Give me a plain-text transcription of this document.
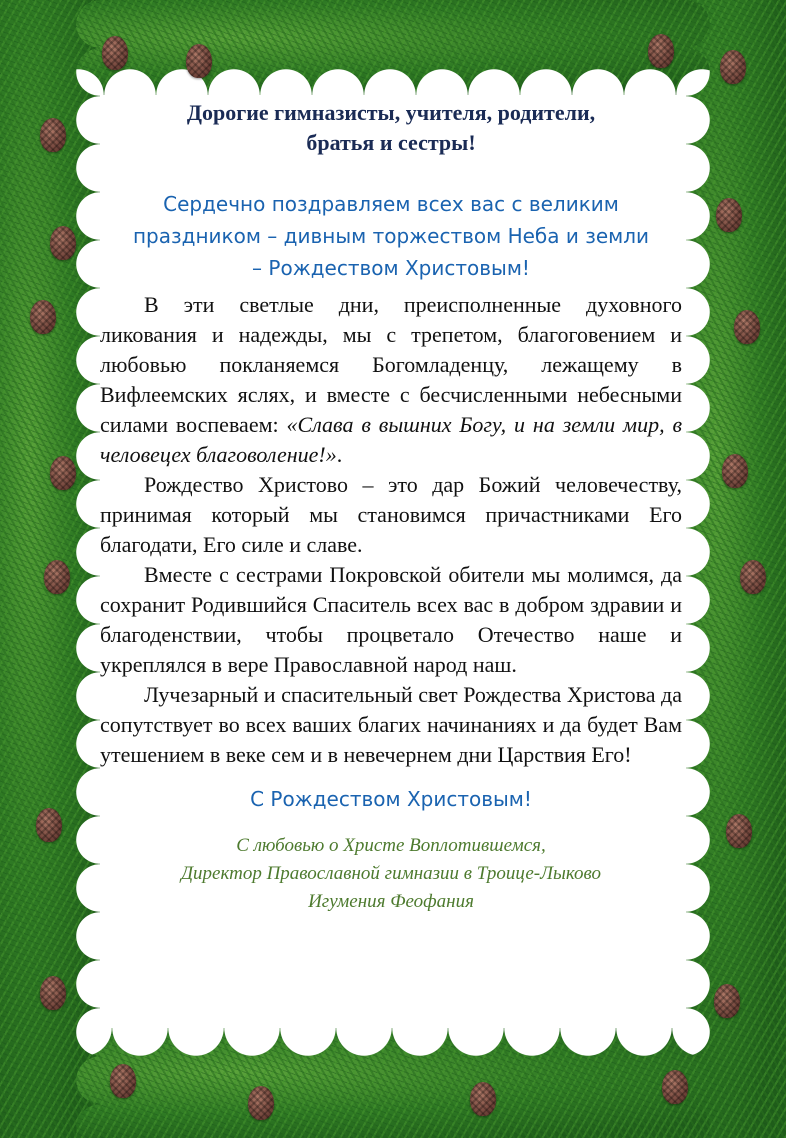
Дорогие гимназисты, учителя, родители,
братья и сестры!

Сердечно поздравляем всех вас с великим
праздником – дивным торжеством Неба и земли
– Рождеством Христовым!

В эти светлые дни, преисполненные духовного ликования и надежды, мы с трепетом, благоговением и любовью покланяемся Богомладенцу, лежащему в Вифлеемских яслях, и вместе с бесчисленными небесными силами воспеваем: «Слава в вышних Богу, и на земли мир, в человецех благоволение!».

Рождество Христово – это дар Божий человечеству, принимая который мы становимся причастниками Его благодати, Его силе и славе.

Вместе с сестрами Покровской обители мы молимся, да сохранит Родившийся Спаситель всех вас в добром здравии и благоденствии, чтобы процветало Отечество наше и укреплялся в вере Православной народ наш.

Лучезарный и спасительный свет Рождества Христова да сопутствует во всех ваших благих начинаниях и да будет Вам утешением в веке сем и в невечернем дни Царствия Его!

С Рождеством Христовым!

С любовью о Христе Воплотившемся,
Директор Православной гимназии в Троице-Лыково
Игумения Феофания
